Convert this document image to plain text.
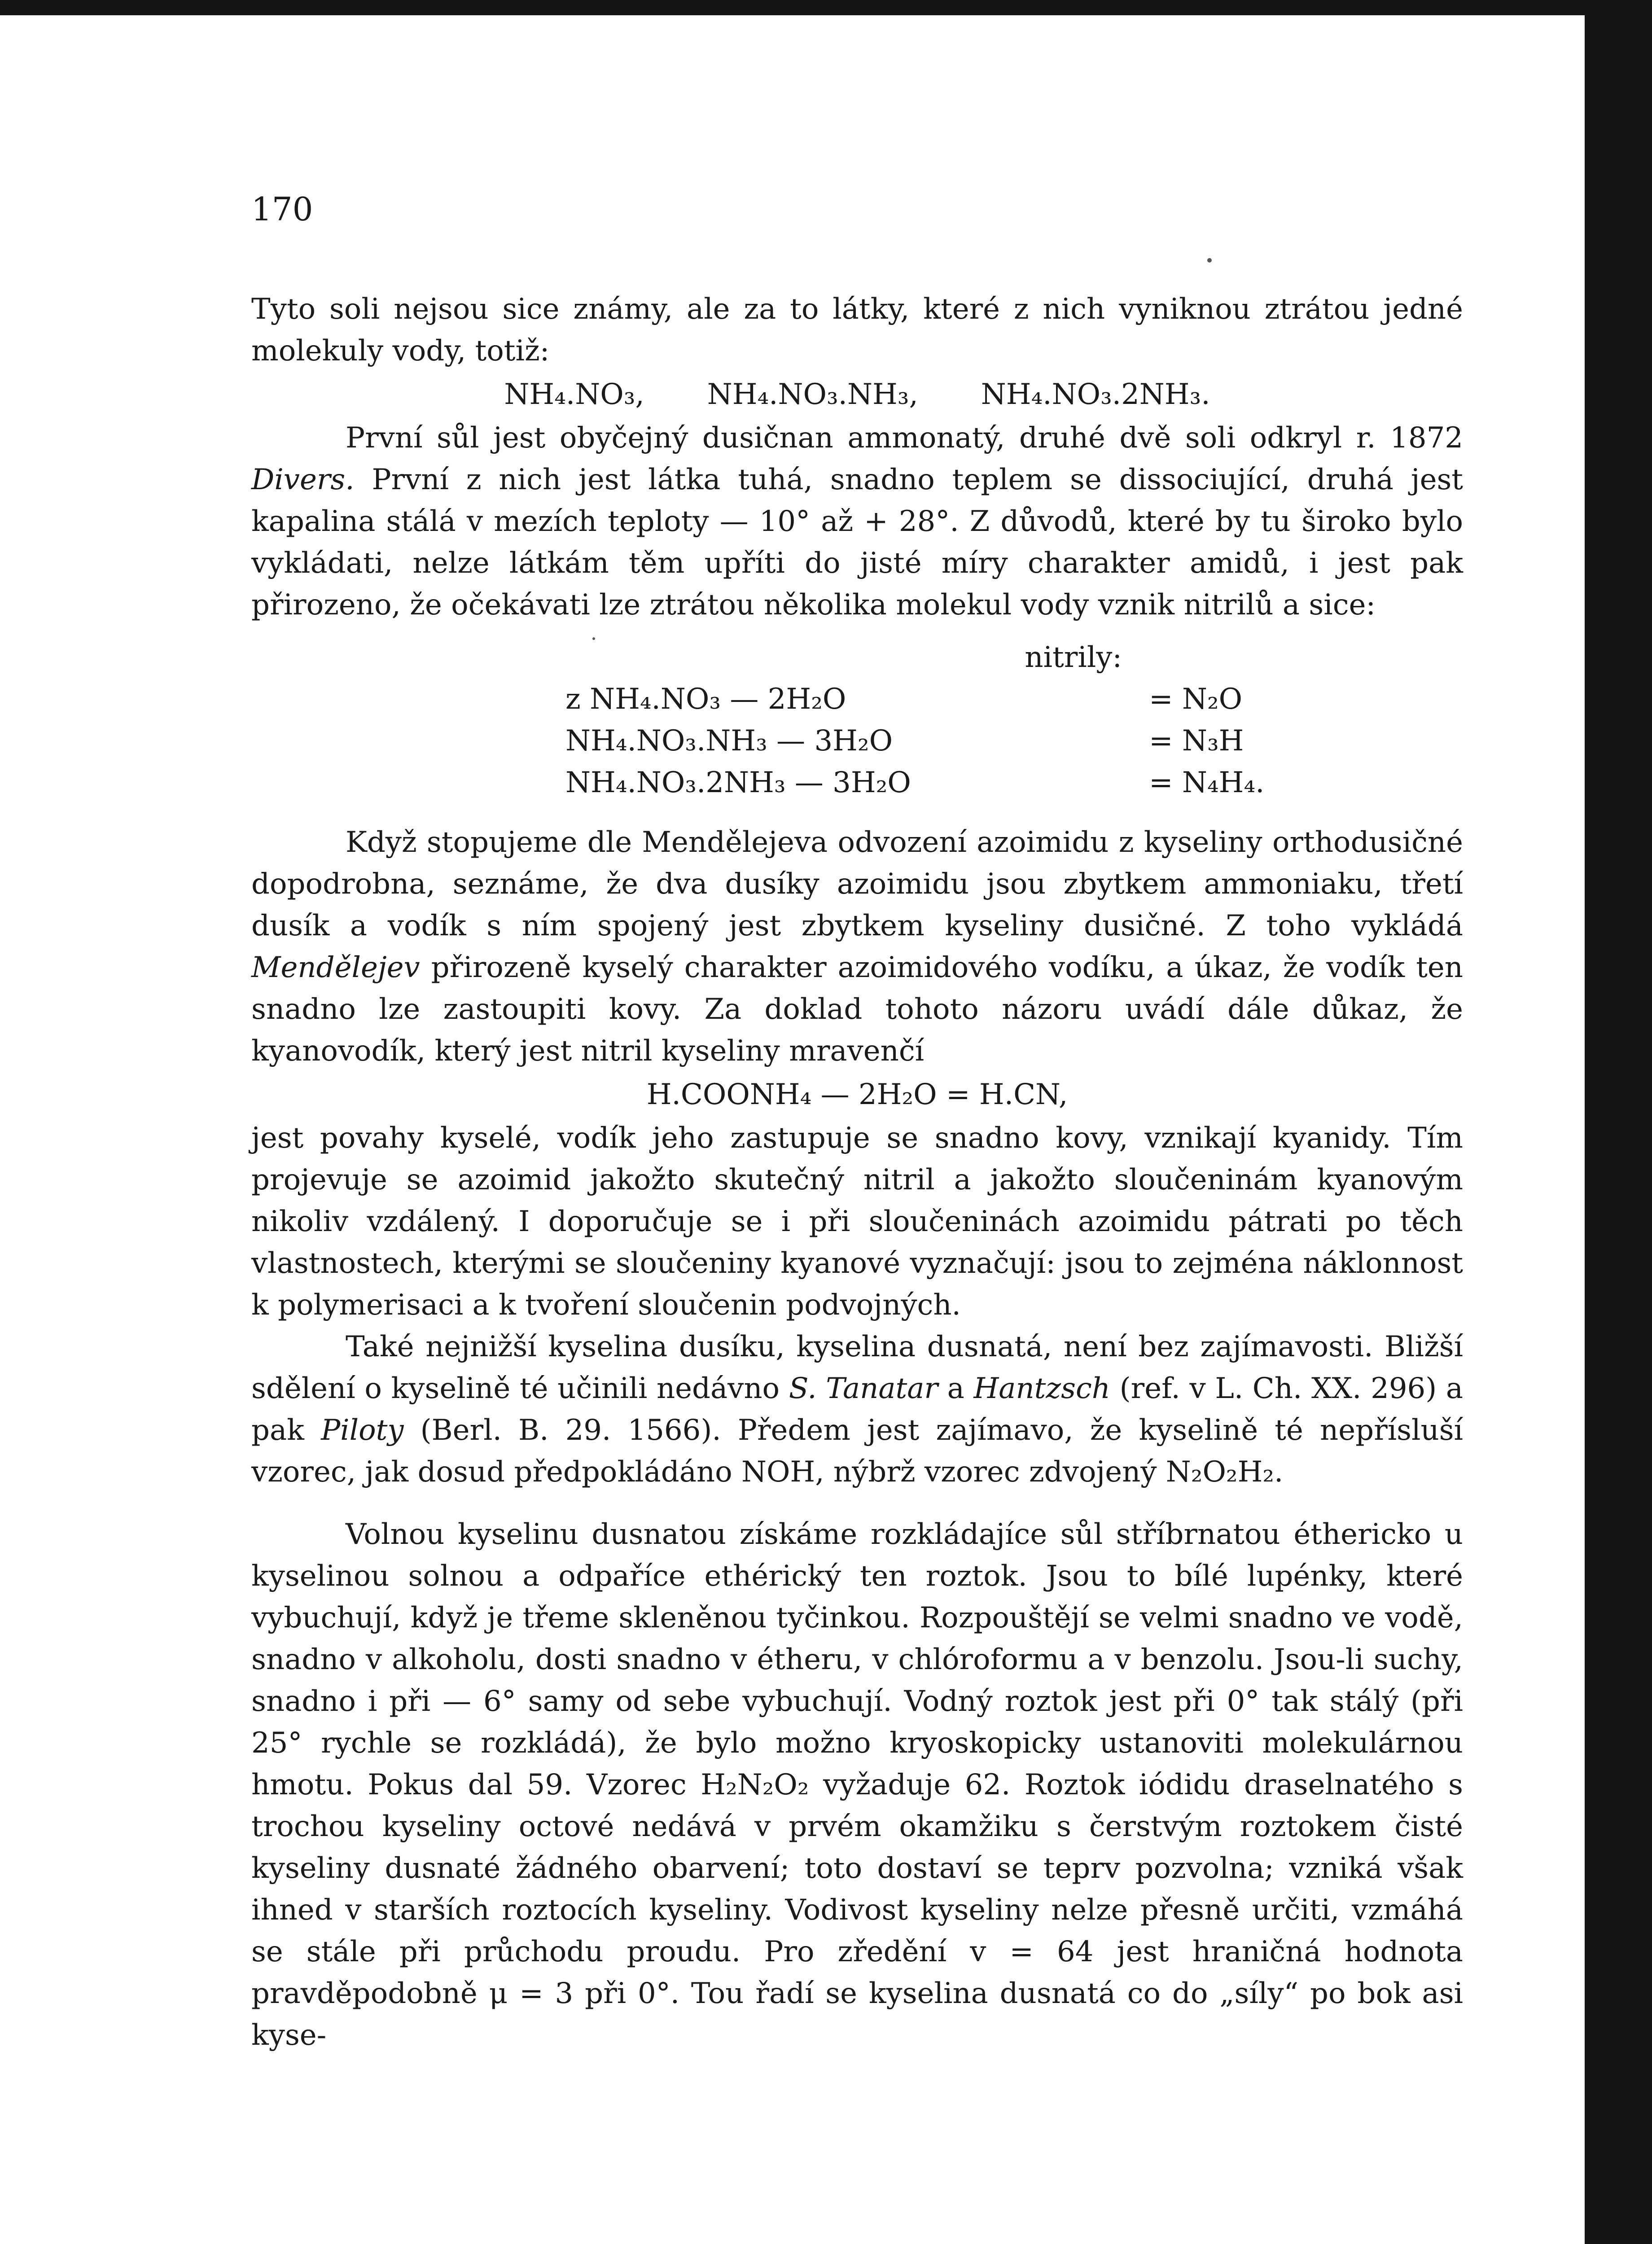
170

Tyto soli nejsou sice známy, ale za to látky, které z nich vyniknou ztrátou jedné molekuly vody, totiž:

NH₄.NO₃, NH₄.NO₃.NH₃, NH₄.NO₃.2NH₃.

První sůl jest obyčejný dusičnan ammonatý, druhé dvě soli odkryl r. 1872 Divers. První z nich jest látka tuhá, snadno teplem se dissociující, druhá jest kapalina stálá v mezích teploty — 10° až + 28°. Z důvodů, které by tu široko bylo vykládati, nelze látkám těm upříti do jisté míry charakter amidů, i jest pak přirozeno, že očekávati lze ztrátou několika molekul vody vznik nitrilů a sice:

nitrily:
z NH₄.NO₃ — 2H₂O	= N₂O
NH₄.NO₃.NH₃ — 3H₂O	= N₃H
NH₄.NO₃.2NH₃ — 3H₂O	= N₄H₄.

Když stopujeme dle Mendělejeva odvození azoimidu z kyseliny orthodusičné dopodrobna, seznáme, že dva dusíky azoimidu jsou zbytkem ammoniaku, třetí dusík a vodík s ním spojený jest zbytkem kyseliny dusičné. Z toho vykládá Mendělejev přirozeně kyselý charakter azoimidového vodíku, a úkaz, že vodík ten snadno lze zastoupiti kovy. Za doklad tohoto názoru uvádí dále důkaz, že kyanovodík, který jest nitril kyseliny mravenčí

H.COONH₄ — 2H₂O = H.CN,

jest povahy kyselé, vodík jeho zastupuje se snadno kovy, vznikají kyanidy. Tím projevuje se azoimid jakožto skutečný nitril a jakožto sloučeninám kyanovým nikoliv vzdálený. I doporučuje se i při sloučeninách azoimidu pátrati po těch vlastnostech, kterými se sloučeniny kyanové vyznačují: jsou to zejména náklonnost k polymerisaci a k tvoření sloučenin podvojných.

Také nejnižší kyselina dusíku, kyselina dusnatá, není bez zajímavosti. Bližší sdělení o kyselině té učinili nedávno S. Tanatar a Hantzsch (ref. v L. Ch. XX. 296) a pak Piloty (Berl. B. 29. 1566). Předem jest zajímavo, že kyselině té nepřísluší vzorec, jak dosud předpokládáno NOH, nýbrž vzorec zdvojený N₂O₂H₂.

Volnou kyselinu dusnatou získáme rozkládajíce sůl stříbrnatou éthericko u kyselinou solnou a odpaříce ethérický ten roztok. Jsou to bílé lupénky, které vybuchují, když je třeme skleněnou tyčinkou. Rozpouštějí se velmi snadno ve vodě, snadno v alkoholu, dosti snadno v étheru, v chlóroformu a v benzolu. Jsou-li suchy, snadno i při — 6° samy od sebe vybuchují. Vodný roztok jest při 0° tak stálý (při 25° rychle se rozkládá), že bylo možno kryoskopicky ustanoviti molekulárnou hmotu. Pokus dal 59. Vzorec H₂N₂O₂ vyžaduje 62. Roztok iódidu draselnatého s trochou kyseliny octové nedává v prvém okamžiku s čerstvým roztokem čisté kyseliny dusnaté žádného obarvení; toto dostaví se teprv pozvolna; vzniká však ihned v starších roztocích kyseliny. Vodivost kyseliny nelze přesně určiti, vzmáhá se stále při průchodu proudu. Pro zředění v = 64 jest hraničná hodnota pravděpodobně μ = 3 při 0°. Tou řadí se kyselina dusnatá co do „síly“ po bok asi kyse-
